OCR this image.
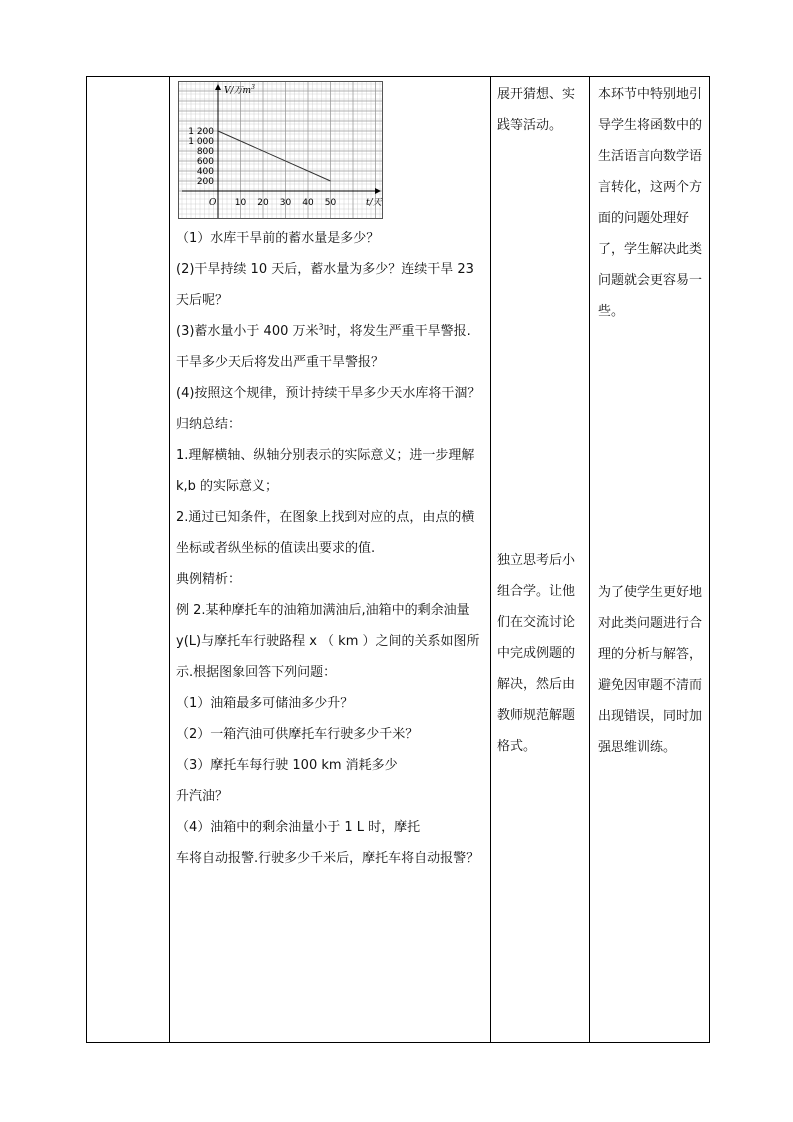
10 20 30 40 50
200
400
600
800
1 000
1 200
O
V/万$m^3$
t/天

（1）水库干旱前的蓄水量是多少？

(2)干旱持续 10 天后，蓄水量为多少？连续干旱 23 天后呢？

(3)蓄水量小于 400 万米$^3$时，将发生严重干旱警报. 干旱多少天后将发出严重干旱警报？

(4)按照这个规律，预计持续干旱多少天水库将干涸？

归纳总结：

1.理解横轴、纵轴分别表示的实际意义；进一步理解 k,b 的实际意义；

2.通过已知条件，在图象上找到对应的点，由点的横坐标或者纵坐标的值读出要求的值.

典例精析：

例 2.某种摩托车的油箱加满油后,油箱中的剩余油量 y(L)与摩托车行驶路程 x （ km ）之间的关系如图所示.根据图象回答下列问题：

（1）油箱最多可储油多少升？

（2）一箱汽油可供摩托车行驶多少千米？

（3）摩托车每行驶 100 km 消耗多少

升汽油？

（4）油箱中的剩余油量小于 1 L 时，摩托

车将自动报警.行驶多少千米后，摩托车将自动报警？

展开猜想、实践等活动。

独立思考后小组合学。让他们在交流讨论中完成例题的解决，然后由教师规范解题格式。

本环节中特别地引导学生将函数中的生活语言向数学语言转化，这两个方面的问题处理好了，学生解决此类问题就会更容易一些。

为了使学生更好地对此类问题进行合理的分析与解答，避免因审题不清而出现错误，同时加强思维训练。
